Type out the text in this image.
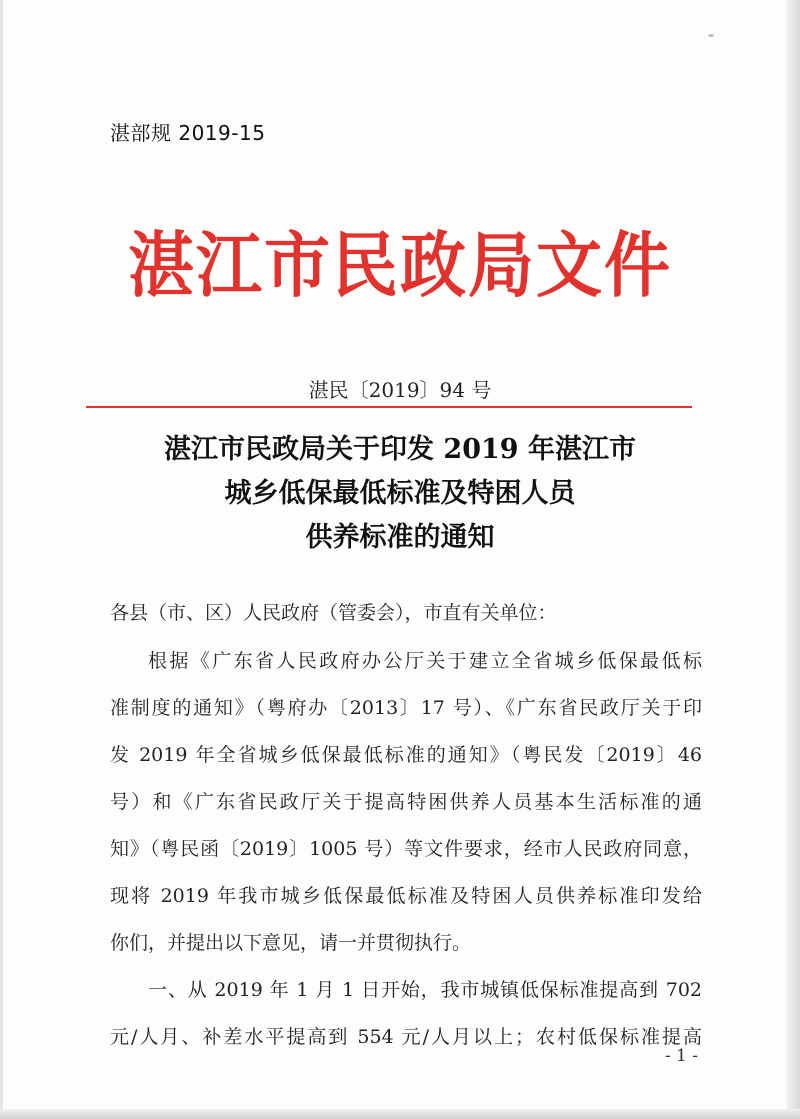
湛部规 2019-15
湛江市民政局文件
湛民〔2019〕94 号
湛江市民政局关于印发 2019 年湛江市
城乡低保最低标准及特困人员
供养标准的通知
各县（市、区）人民政府（管委会），市直有关单位：
根据《广东省人民政府办公厅关于建立全省城乡低保最低标
准制度的通知》（粤府办〔2013〕17 号）、《广东省民政厅关于印
发 2019 年全省城乡低保最低标准的通知》（粤民发〔2019〕46
号）和《广东省民政厅关于提高特困供养人员基本生活标准的通
知》（粤民函〔2019〕1005 号）等文件要求，经市人民政府同意，
现将 2019 年我市城乡低保最低标准及特困人员供养标准印发给
你们，并提出以下意见，请一并贯彻执行。
一、从 2019 年 1 月 1 日开始，我市城镇低保标准提高到 702
元/人月、补差水平提高到 554 元/人月以上；农村低保标准提高
- 1 -
